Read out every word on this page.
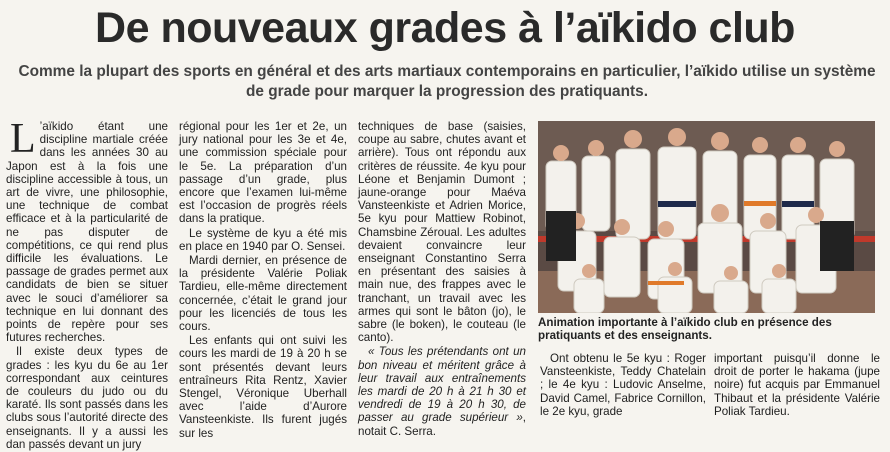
De nouveaux grades à l’aïkido club
Comme la plupart des sports en général et des arts martiaux contemporains en particulier, l’aïkido utilise un système de grade pour marquer la progression des pratiquants.

L ’aïkido étant une discipline martiale créée dans les années 30 au Japon est à la fois une discipline accessible à tous, un art de vivre, une philosophie, une technique de combat efficace et à la particularité de ne pas disputer de compétitions, ce qui rend plus difficile les évaluations. Le passage de grades permet aux candidats de bien se situer avec le souci d’améliorer sa technique en lui donnant des points de repère pour ses futures recherches.

Il existe deux types de grades : les kyu du 6e au 1er correspondant aux ceintures de couleurs du judo ou du karaté. Ils sont passés dans les clubs sous l’autorité directe des enseignants. Il y a aussi les dan passés devant un jury

régional pour les 1er et 2e, un jury national pour les 3e et 4e, une commission spéciale pour le 5e. La préparation d’un passage d’un grade, plus encore que l’examen lui-même est l’occasion de progrès réels dans la pratique.

Le système de kyu a été mis en place en 1940 par O. Sensei.

Mardi dernier, en présence de la présidente Valérie Poliak Tardieu, elle-même directement concernée, c’était le grand jour pour les licenciés de tous les cours.

Les enfants qui ont suivi les cours les mardi de 19 à 20 h se sont présentés devant leurs entraîneurs Rita Rentz, Xavier Stengel, Véronique Uberhall avec l’aide d’Aurore Vansteenkiste. Ils furent jugés sur les

techniques de base (saisies, coupe au sabre, chutes avant et arrière). Tous ont répondu aux critères de réussite. 4e kyu pour Léone et Benjamin Dumont ; jaune-orange pour Maéva Vansteenkiste et Adrien Morice, 5e kyu pour Mattiew Robinot, Chamsbine Zéroual. Les adultes devaient convaincre leur enseignant Constantino Serra en présentant des saisies à main nue, des frappes avec le tranchant, un travail avec les armes qui sont le bâton (jo), le sabre (le boken), le couteau (le canto).

« Tous les prétendants ont un bon niveau et méritent grâce à leur travail aux entraînements les mardi de 20 h à 21 h 30 et vendredi de 19 à 20 h 30, de passer au grade supérieur », notait C. Serra.

Animation importante à l’aïkido club en présence des pratiquants et des enseignants.

Ont obtenu le 5e kyu : Roger Vansteenkiste, Teddy Chatelain ; le 4e kyu : Ludovic Anselme, David Camel, Fabrice Cornillon, le 2e kyu, grade

important puisqu’il donne le droit de porter le hakama (jupe noire) fut acquis par Emmanuel Thibaut et la présidente Valérie Poliak Tardieu.
